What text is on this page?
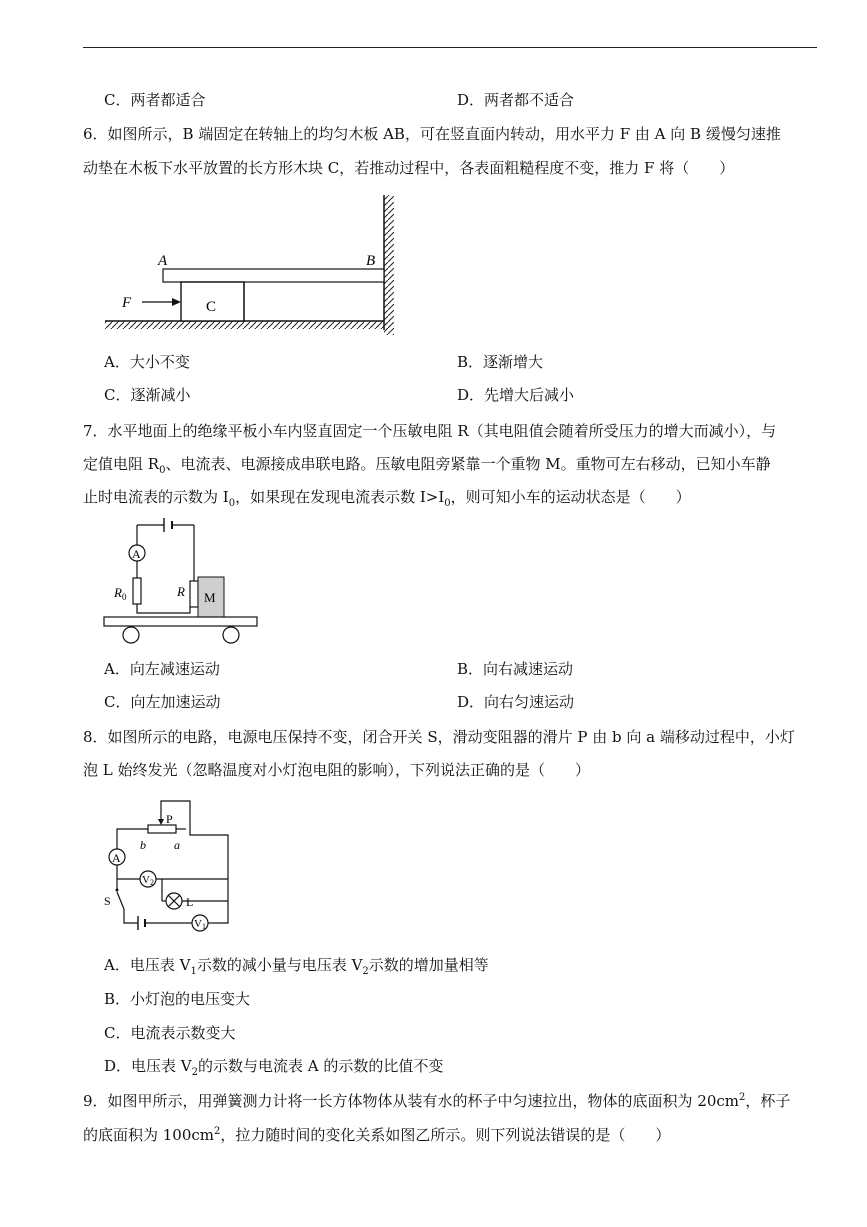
C．两者都适合	D．两者都不适合
6．如图所示，B 端固定在转轴上的均匀木板 AB，可在竖直面内转动，用水平力 F 由 A 向 B 缓慢匀速推
动垫在木板下水平放置的长方形木块 C，若推动过程中，各表面粗糙程度不变，推力 F 将（　　）
A	B
F	C
A．大小不变	B．逐渐增大
C．逐渐减小	D．先增大后减小
7．水平地面上的绝缘平板小车内竖直固定一个压敏电阻 R（其电阻值会随着所受压力的增大而减小），与
定值电阻 $R_0$、电流表、电源接成串联电路。压敏电阻旁紧靠一个重物 M。重物可左右移动，已知小车静
止时电流表的示数为 $I_0$，如果现在发现电流表示数 $I>I_0$，则可知小车的运动状态是（　　）
A
$R_0$	R M
A．向左减速运动	B．向右减速运动
C．向左加速运动	D．向右匀速运动
8．如图所示的电路，电源电压保持不变，闭合开关 S，滑动变阻器的滑片 P 由 b 向 a 端移动过程中，小灯
泡 L 始终发光（忽略温度对小灯泡电阻的影响），下列说法正确的是（　　）
P
b a
A
V2
L
S
V1
A．电压表 $V_1$示数的减小量与电压表 $V_2$示数的增加量相等
B．小灯泡的电压变大
C．电流表示数变大
D．电压表 $V_2$的示数与电流表 A 的示数的比值不变
9．如图甲所示，用弹簧测力计将一长方体物体从装有水的杯子中匀速拉出，物体的底面积为 $20cm^2$，杯子
的底面积为 $100cm^2$，拉力随时间的变化关系如图乙所示。则下列说法错误的是（　　）
